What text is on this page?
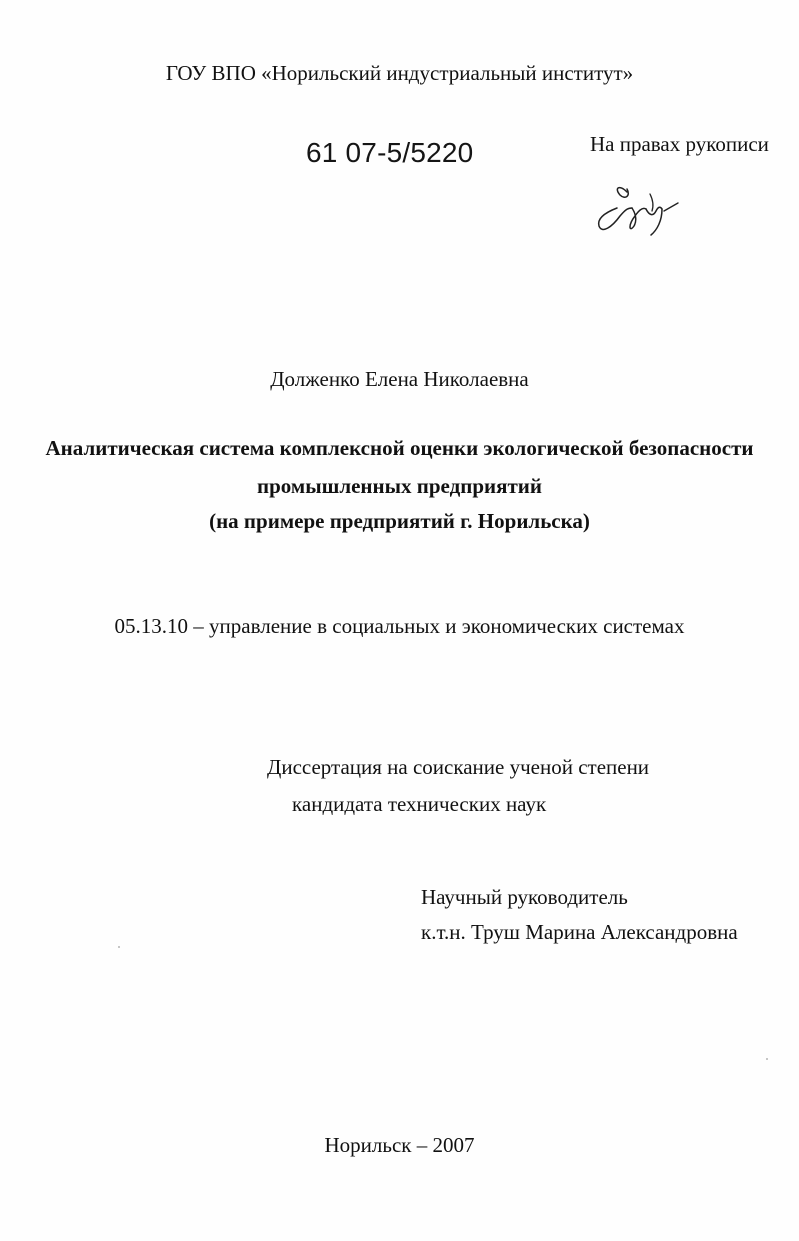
ГОУ ВПО «Норильский индустриальный институт»
61 07-5/5220	На правах рукописи
Долженко Елена Николаевна
Аналитическая система комплексной оценки экологической безопасности
промышленных предприятий
(на примере предприятий г. Норильска)
05.13.10 – управление в социальных и экономических системах
Диссертация на соискание ученой степени
кандидата технических наук
Научный руководитель
к.т.н. Труш Марина Александровна
Норильск – 2007
